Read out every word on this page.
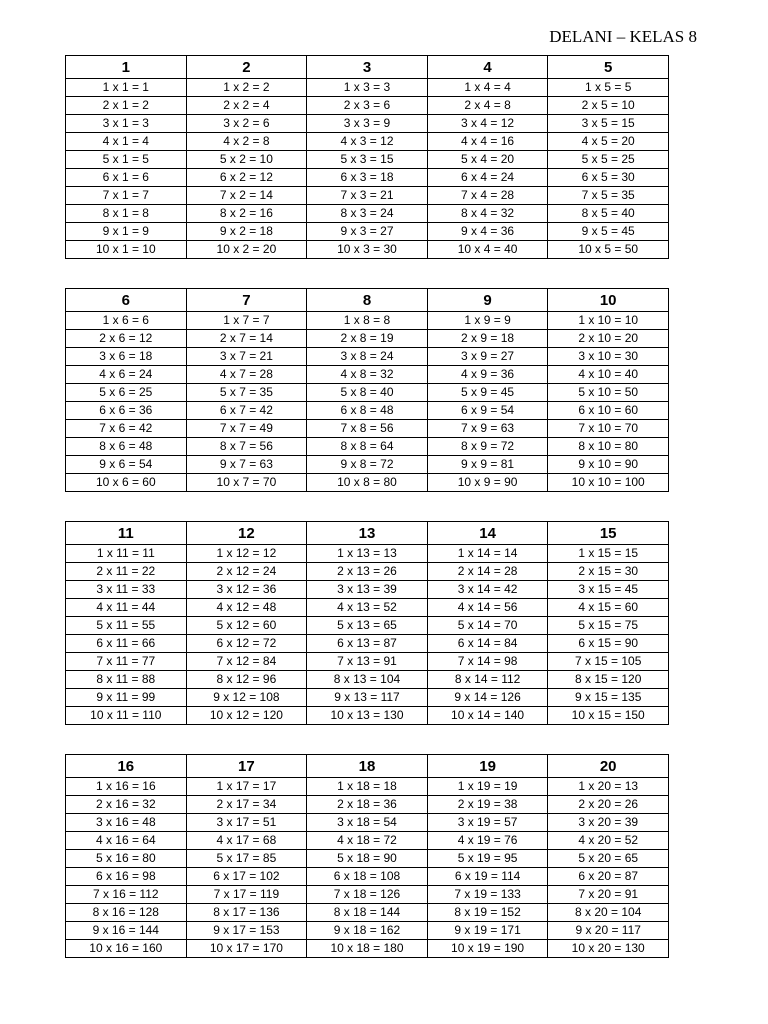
DELANI – KELAS 8
1	2	3	4	5
1 x 1 = 1	1 x 2 = 2	1 x 3 = 3	1 x 4 = 4	1 x 5 = 5
2 x 1 = 2	2 x 2 = 4	2 x 3 = 6	2 x 4 = 8	2 x 5 = 10
3 x 1 = 3	3 x 2 = 6	3 x 3 = 9	3 x 4 = 12	3 x 5 = 15
4 x 1 = 4	4 x 2 = 8	4 x 3 = 12	4 x 4 = 16	4 x 5 = 20
5 x 1 = 5	5 x 2 = 10	5 x 3 = 15	5 x 4 = 20	5 x 5 = 25
6 x 1 = 6	6 x 2 = 12	6 x 3 = 18	6 x 4 = 24	6 x 5 = 30
7 x 1 = 7	7 x 2 = 14	7 x 3 = 21	7 x 4 = 28	7 x 5 = 35
8 x 1 = 8	8 x 2 = 16	8 x 3 = 24	8 x 4 = 32	8 x 5 = 40
9 x 1 = 9	9 x 2 = 18	9 x 3 = 27	9 x 4 = 36	9 x 5 = 45
10 x 1 = 10	10 x 2 = 20	10 x 3 = 30	10 x 4 = 40	10 x 5 = 50
6	7	8	9	10
1 x 6 = 6	1 x 7 = 7	1 x 8 = 8	1 x 9 = 9	1 x 10 = 10
2 x 6 = 12	2 x 7 = 14	2 x 8 = 19	2 x 9 = 18	2 x 10 = 20
3 x 6 = 18	3 x 7 = 21	3 x 8 = 24	3 x 9 = 27	3 x 10 = 30
4 x 6 = 24	4 x 7 = 28	4 x 8 = 32	4 x 9 = 36	4 x 10 = 40
5 x 6 = 25	5 x 7 = 35	5 x 8 = 40	5 x 9 = 45	5 x 10 = 50
6 x 6 = 36	6 x 7 = 42	6 x 8 = 48	6 x 9 = 54	6 x 10 = 60
7 x 6 = 42	7 x 7 = 49	7 x 8 = 56	7 x 9 = 63	7 x 10 = 70
8 x 6 = 48	8 x 7 = 56	8 x 8 = 64	8 x 9 = 72	8 x 10 = 80
9 x 6 = 54	9 x 7 = 63	9 x 8 = 72	9 x 9 = 81	9 x 10 = 90
10 x 6 = 60	10 x 7 = 70	10 x 8 = 80	10 x 9 = 90	10 x 10 = 100
11	12	13	14	15
1 x 11 = 11	1 x 12 = 12	1 x 13 = 13	1 x 14 = 14	1 x 15 = 15
2 x 11 = 22	2 x 12 = 24	2 x 13 = 26	2 x 14 = 28	2 x 15 = 30
3 x 11 = 33	3 x 12 = 36	3 x 13 = 39	3 x 14 = 42	3 x 15 = 45
4 x 11 = 44	4 x 12 = 48	4 x 13 = 52	4 x 14 = 56	4 x 15 = 60
5 x 11 = 55	5 x 12 = 60	5 x 13 = 65	5 x 14 = 70	5 x 15 = 75
6 x 11 = 66	6 x 12 = 72	6 x 13 = 87	6 x 14 = 84	6 x 15 = 90
7 x 11 = 77	7 x 12 = 84	7 x 13 = 91	7 x 14 = 98	7 x 15 = 105
8 x 11 = 88	8 x 12 = 96	8 x 13 = 104	8 x 14 = 112	8 x 15 = 120
9 x 11 = 99	9 x 12 = 108	9 x 13 = 117	9 x 14 = 126	9 x 15 = 135
10 x 11 = 110	10 x 12 = 120	10 x 13 = 130	10 x 14 = 140	10 x 15 = 150
16	17	18	19	20
1 x 16 = 16	1 x 17 = 17	1 x 18 = 18	1 x 19 = 19	1 x 20 = 13
2 x 16 = 32	2 x 17 = 34	2 x 18 = 36	2 x 19 = 38	2 x 20 = 26
3 x 16 = 48	3 x 17 = 51	3 x 18 = 54	3 x 19 = 57	3 x 20 = 39
4 x 16 = 64	4 x 17 = 68	4 x 18 = 72	4 x 19 = 76	4 x 20 = 52
5 x 16 = 80	5 x 17 = 85	5 x 18 = 90	5 x 19 = 95	5 x 20 = 65
6 x 16 = 98	6 x 17 = 102	6 x 18 = 108	6 x 19 = 114	6 x 20 = 87
7 x 16 = 112	7 x 17 = 119	7 x 18 = 126	7 x 19 = 133	7 x 20 = 91
8 x 16 = 128	8 x 17 = 136	8 x 18 = 144	8 x 19 = 152	8 x 20 = 104
9 x 16 = 144	9 x 17 = 153	9 x 18 = 162	9 x 19 = 171	9 x 20 = 117
10 x 16 = 160	10 x 17 = 170	10 x 18 = 180	10 x 19 = 190	10 x 20 = 130
